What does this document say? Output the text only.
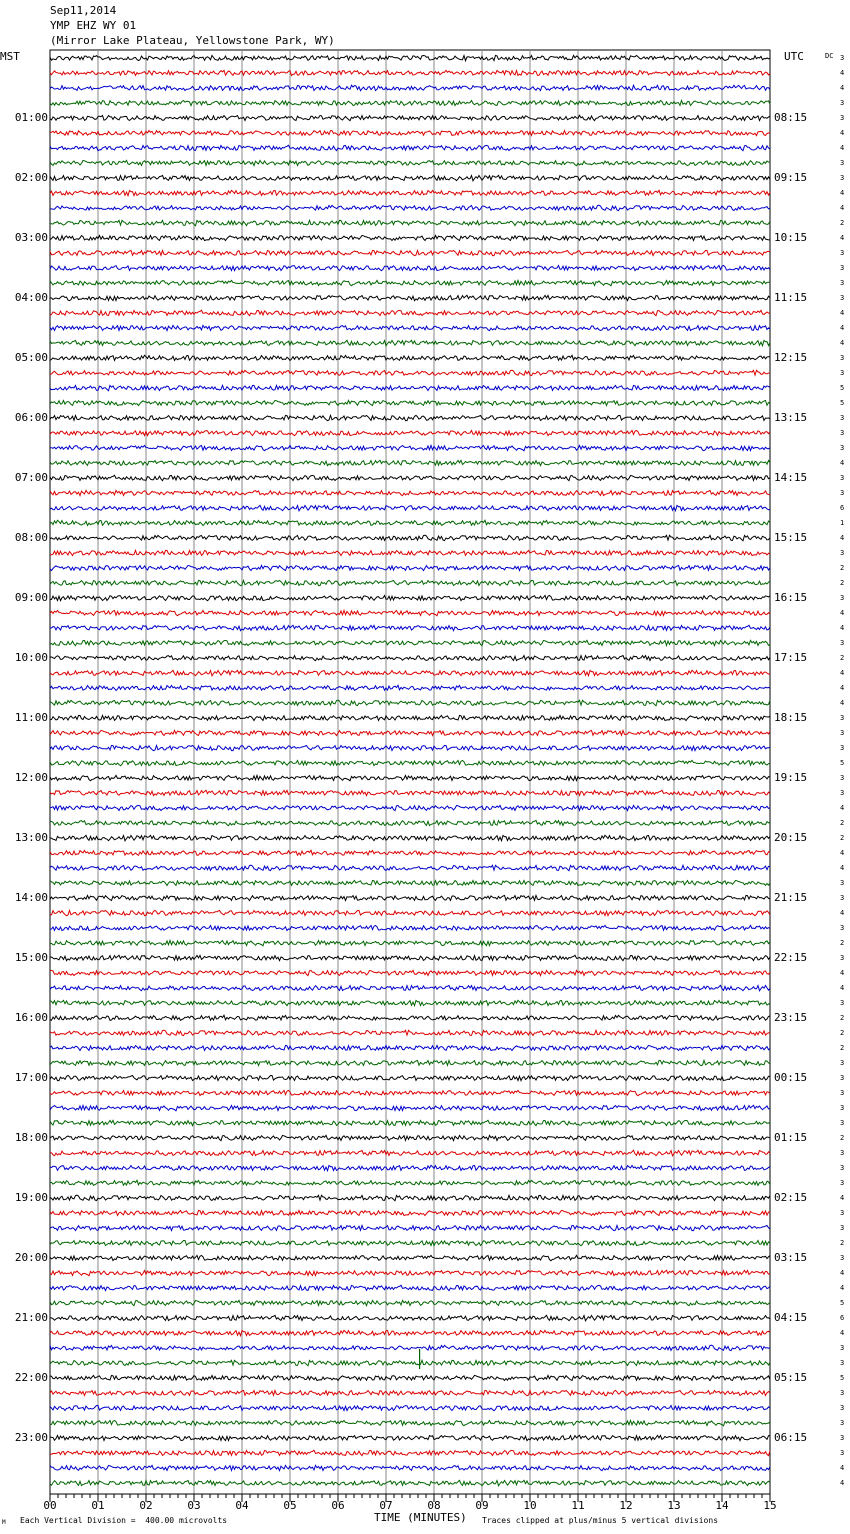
Sep11,2014
YMP EHZ WY 01
(Mirror Lake Plateau, Yellowstone Park, WY)
MST	UTC	DC
01:00
02:00
03:00
04:00
05:00
06:00
07:00
08:00
09:00
10:00
11:00
12:00
13:00
14:00
15:00
16:00
17:00
18:00
19:00
20:00
21:00
22:00
23:00
08:15
09:15
10:15
11:15
12:15
13:15
14:15
15:15
16:15
17:15
18:15
19:15
20:15
21:15
22:15
23:15
00:15
01:15
02:15
03:15
04:15
05:15
06:15
3
4
4
3
3
4
4
3
3
4
4
2
4
3
3
3
3
4
4
4
3
3
5
5
3
3
3
4
3
3
6
1
4
3
2
2
3
4
4
3
2
4
4
4
3
3
3
5
3
3
4
2
2
4
4
3
3
4
3
2
3
4
4
3
2
2
2
3
3
3
3
3
2
3
3
3
4
3
3
2
3
4
4
5
6
4
3
3
5
3
3
3
3
3
4
4
00	01	02	03	04	05	06	07	08	09	10	11	12	13	14	15
TIME (MINUTES)
M Each Vertical Division =  400.00 microvolts	Traces clipped at plus/minus 5 vertical divisions
